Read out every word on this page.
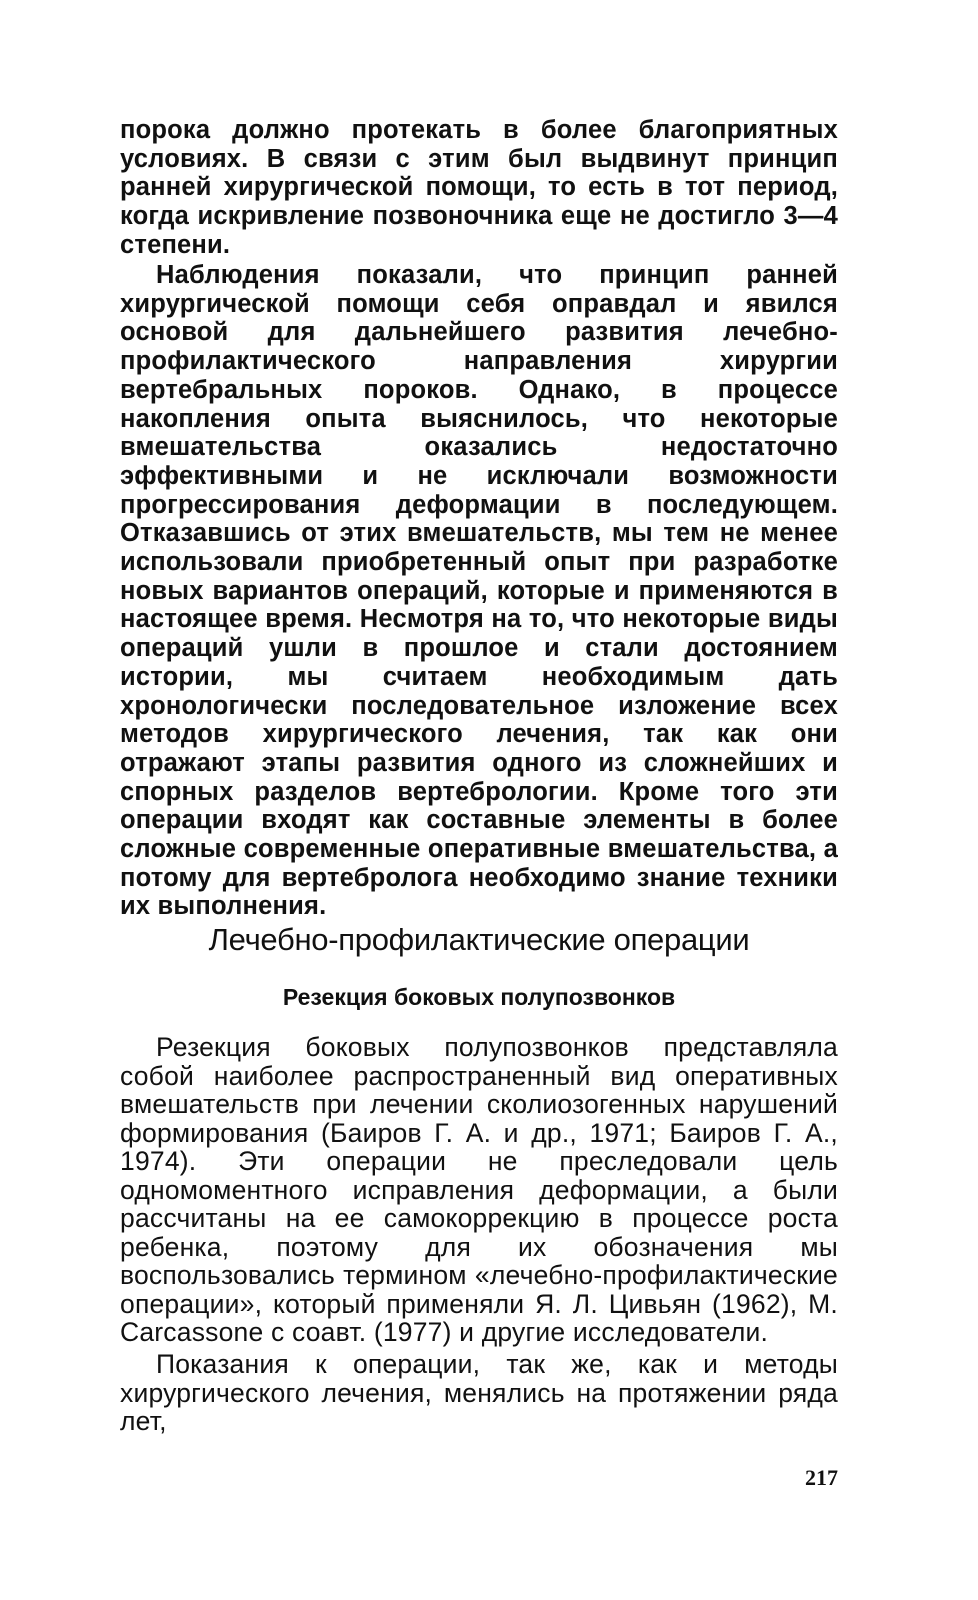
порока должно протекать в более благоприятных условиях. В связи с этим был выдвинут принцип ранней хирургической помощи, то есть в тот период, когда искривление позвоночника еще не достигло 3—4 степени.

Наблюдения показали, что принцип ранней хирургической помощи себя оправдал и явился основой для дальнейшего развития лечебно-профилактического направления хирургии вертебральных пороков. Однако, в процессе накопления опыта выяснилось, что некоторые вмешательства оказались недостаточно эффективными и не исключали возможности прогрессирования деформации в последующем. Отказавшись от этих вмешательств, мы тем не менее использовали приобретенный опыт при разработке новых вариантов операций, которые и применяются в настоящее время. Несмотря на то, что некоторые виды операций ушли в прошлое и стали достоянием истории, мы считаем необходимым дать хронологически последовательное изложение всех методов хирургического лечения, так как они отражают этапы развития одного из сложнейших и спорных разделов вертебрологии. Кроме того эти операции входят как составные элементы в более сложные современные оперативные вмешательства, а потому для вертебролога необходимо знание техники их выполнения.

Лечебно-профилактические операции
Резекция боковых полупозвонков

Резекция боковых полупозвонков представляла собой наиболее распространенный вид оперативных вмешательств при лечении сколиозогенных нарушений формирования (Баиров Г. А. и др., 1971; Баиров Г. А., 1974). Эти операции не преследовали цель одномоментного исправления деформации, а были рассчитаны на ее самокоррекцию в процессе роста ребенка, поэтому для их обозначения мы воспользовались термином «лечебно-профилактические операции», который применяли Я. Л. Цивьян (1962), M. Carcassone с соавт. (1977) и другие исследователи.

Показания к операции, так же, как и методы хирургического лечения, менялись на протяжении ряда лет,

217
